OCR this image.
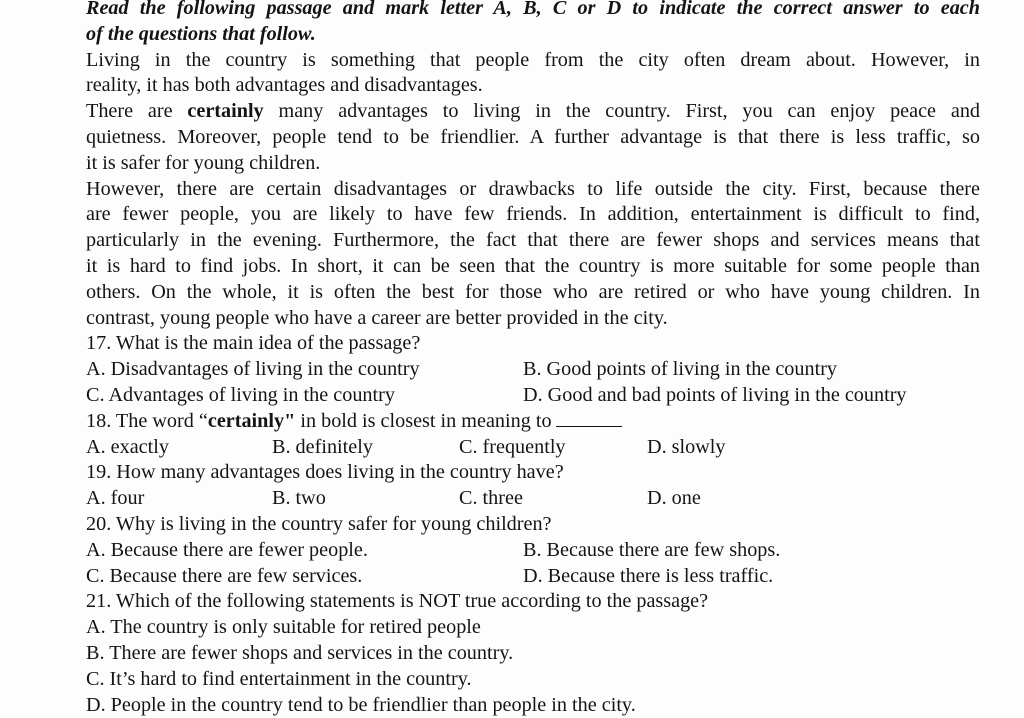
Read the following passage and mark letter A, B, C or D to indicate the correct answer to each
of the questions that follow.
Living in the country is something that people from the city often dream about. However, in
reality, it has both advantages and disadvantages.
There are certainly many advantages to living in the country. First, you can enjoy peace and
quietness. Moreover, people tend to be friendlier. A further advantage is that there is less traffic, so
it is safer for young children.
However, there are certain disadvantages or drawbacks to life outside the city. First, because there
are fewer people, you are likely to have few friends. In addition, entertainment is difficult to find,
particularly in the evening. Furthermore, the fact that there are fewer shops and services means that
it is hard to find jobs. In short, it can be seen that the country is more suitable for some people than
others. On the whole, it is often the best for those who are retired or who have young children. In
contrast, young people who have a career are better provided in the city.
17. What is the main idea of the passage?
A. Disadvantages of living in the country	B. Good points of living in the country
C. Advantages of living in the country	D. Good and bad points of living in the country
18. The word “certainly" in bold is closest in meaning to
A. exactly	B. definitely	C. frequently	D. slowly
19. How many advantages does living in the country have?
A. four	B. two	C. three	D. one
20. Why is living in the country safer for young children?
A. Because there are fewer people.	B. Because there are few shops.
C. Because there are few services.	D. Because there is less traffic.
21. Which of the following statements is NOT true according to the passage?
A. The country is only suitable for retired people
B. There are fewer shops and services in the country.
C. It’s hard to find entertainment in the country.
D. People in the country tend to be friendlier than people in the city.
